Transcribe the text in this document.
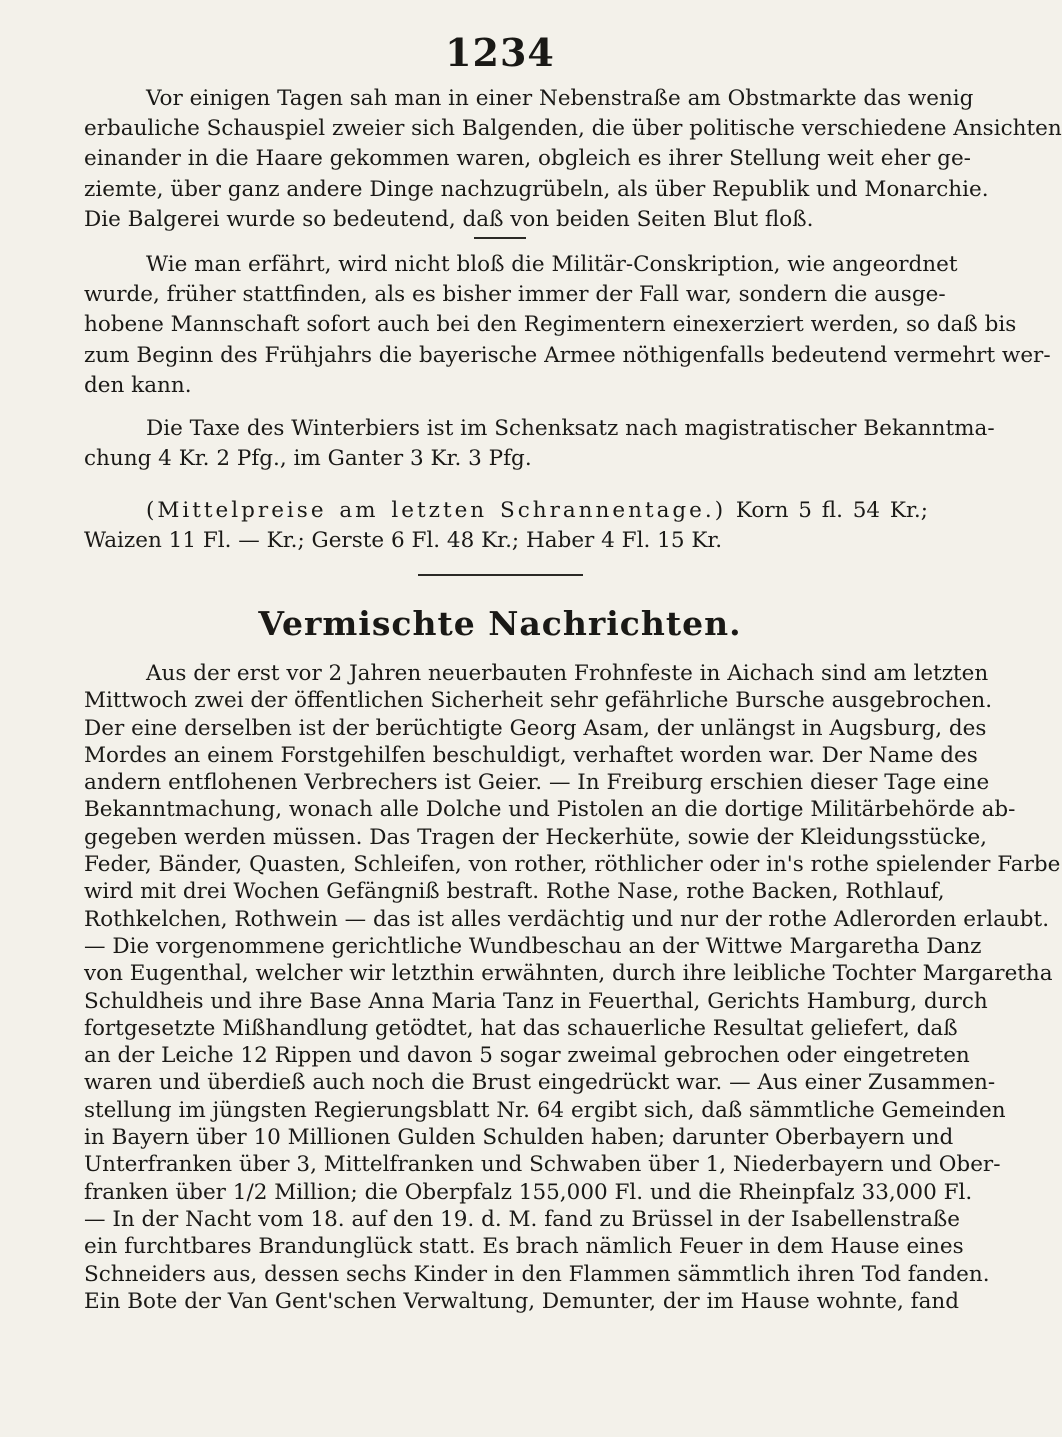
1234

Vor einigen Tagen sah man in einer Nebenstraße am Obstmarkte das wenig
erbauliche Schauspiel zweier sich Balgenden, die über politische verschiedene Ansichten
einander in die Haare gekommen waren, obgleich es ihrer Stellung weit eher ge-
ziemte, über ganz andere Dinge nachzugrübeln, als über Republik und Monarchie.
Die Balgerei wurde so bedeutend, daß von beiden Seiten Blut floß.

Wie man erfährt, wird nicht bloß die Militär-Conskription, wie angeordnet
wurde, früher stattfinden, als es bisher immer der Fall war, sondern die ausge-
hobene Mannschaft sofort auch bei den Regimentern einexerziert werden, so daß bis
zum Beginn des Frühjahrs die bayerische Armee nöthigenfalls bedeutend vermehrt wer-
den kann.

Die Taxe des Winterbiers ist im Schenksatz nach magistratischer Bekanntma-
chung 4 Kr. 2 Pfg., im Ganter 3 Kr. 3 Pfg.

(Mittelpreise am letzten Schrannentage.) Korn 5 fl. 54 Kr.;
Waizen 11 Fl. — Kr.; Gerste 6 Fl. 48 Kr.; Haber 4 Fl. 15 Kr.

Vermischte Nachrichten.

Aus der erst vor 2 Jahren neuerbauten Frohnfeste in Aichach sind am letzten
Mittwoch zwei der öffentlichen Sicherheit sehr gefährliche Bursche ausgebrochen.
Der eine derselben ist der berüchtigte Georg Asam, der unlängst in Augsburg, des
Mordes an einem Forstgehilfen beschuldigt, verhaftet worden war. Der Name des
andern entflohenen Verbrechers ist Geier. — In Freiburg erschien dieser Tage eine
Bekanntmachung, wonach alle Dolche und Pistolen an die dortige Militärbehörde ab-
gegeben werden müssen. Das Tragen der Heckerhüte, sowie der Kleidungsstücke,
Feder, Bänder, Quasten, Schleifen, von rother, röthlicher oder in's rothe spielender Farbe
wird mit drei Wochen Gefängniß bestraft. Rothe Nase, rothe Backen, Rothlauf,
Rothkelchen, Rothwein — das ist alles verdächtig und nur der rothe Adlerorden erlaubt.
— Die vorgenommene gerichtliche Wundbeschau an der Wittwe Margaretha Danz
von Eugenthal, welcher wir letzthin erwähnten, durch ihre leibliche Tochter Margaretha
Schuldheis und ihre Base Anna Maria Tanz in Feuerthal, Gerichts Hamburg, durch
fortgesetzte Mißhandlung getödtet, hat das schauerliche Resultat geliefert, daß
an der Leiche 12 Rippen und davon 5 sogar zweimal gebrochen oder eingetreten
waren und überdieß auch noch die Brust eingedrückt war. — Aus einer Zusammen-
stellung im jüngsten Regierungsblatt Nr. 64 ergibt sich, daß sämmtliche Gemeinden
in Bayern über 10 Millionen Gulden Schulden haben; darunter Oberbayern und
Unterfranken über 3, Mittelfranken und Schwaben über 1, Niederbayern und Ober-
franken über 1/2 Million; die Oberpfalz 155,000 Fl. und die Rheinpfalz 33,000 Fl.
— In der Nacht vom 18. auf den 19. d. M. fand zu Brüssel in der Isabellenstraße
ein furchtbares Brandunglück statt. Es brach nämlich Feuer in dem Hause eines
Schneiders aus, dessen sechs Kinder in den Flammen sämmtlich ihren Tod fanden.
Ein Bote der Van Gent'schen Verwaltung, Demunter, der im Hause wohnte, fand
